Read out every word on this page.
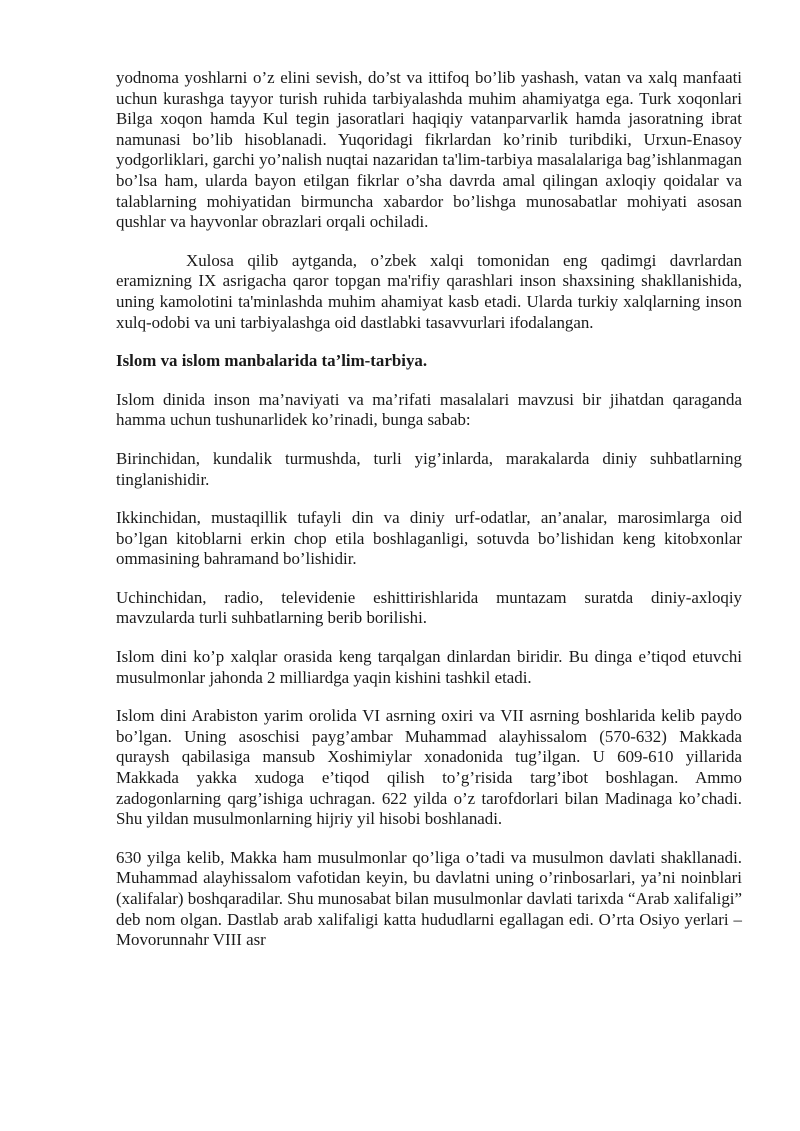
yodnoma yoshlarni o’z elini sevish, do’st va ittifoq bo’lib yashash, vatan va xalq manfaati uchun kurashga tayyor turish ruhida tarbiyalashda muhim ahamiyatga ega. Turk xoqonlari Bilga xoqon hamda Kul tegin jasoratlari haqiqiy vatanparvarlik hamda jasoratning ibrat namunasi bo’lib hisoblanadi. Yuqoridagi fikrlardan ko’rinib turibdiki, Urxun-Enasoy yodgorliklari, garchi yo’nalish nuqtai nazaridan ta'lim-tarbiya masalalariga bag’ishlanmagan bo’lsa ham, ularda bayon etilgan fikrlar o’sha davrda amal qilingan axloqiy qoidalar va talablarning mohiyatidan birmuncha xabardor bo’lishga munosabatlar mohiyati asosan qushlar va hayvonlar obrazlari orqali ochiladi.

Xulosa qilib aytganda, o’zbek xalqi tomonidan eng qadimgi davrlardan eramizning IX asrigacha qaror topgan ma'rifiy qarashlari inson shaxsining shakllanishida, uning kamolotini ta'minlashda muhim ahamiyat kasb etadi. Ularda turkiy xalqlarning inson xulq-odobi va uni tarbiyalashga oid dastlabki tasavvurlari ifodalangan.

Islom va islom manbalarida ta’lim-tarbiya.

Islom dinida inson ma’naviyati va ma’rifati masalalari mavzusi bir jihatdan qaraganda hamma uchun tushunarlidek ko’rinadi, bunga sabab:

Birinchidan, kundalik turmushda, turli yig’inlarda, marakalarda diniy suhbatlarning tinglanishidir.

Ikkinchidan, mustaqillik tufayli din va diniy urf-odatlar, an’analar, marosimlarga oid bo’lgan kitoblarni erkin chop etila boshlaganligi, sotuvda bo’lishidan keng kitobxonlar ommasining bahramand bo’lishidir.

Uchinchidan, radio, televidenie eshittirishlarida muntazam suratda diniy-axloqiy mavzularda turli suhbatlarning berib borilishi.

Islom dini ko’p xalqlar orasida keng tarqalgan dinlardan biridir. Bu dinga e’tiqod etuvchi musulmonlar jahonda 2 milliardga yaqin kishini tashkil etadi.

Islom dini Arabiston yarim orolida VI asrning oxiri va VII asrning boshlarida kelib paydo bo’lgan. Uning asoschisi payg’ambar Muhammad alayhissalom (570-632) Makkada quraysh qabilasiga mansub Xoshimiylar xonadonida tug’ilgan. U 609-610 yillarida Makkada yakka xudoga e’tiqod qilish to’g’risida targ’ibot boshlagan. Ammo zadogonlarning qarg’ishiga uchragan. 622 yilda o’z tarofdorlari bilan Madinaga ko’chadi. Shu yildan musulmonlarning hijriy yil hisobi boshlanadi.

630 yilga kelib, Makka ham musulmonlar qo’liga o’tadi va musulmon davlati shakllanadi. Muhammad alayhissalom vafotidan keyin, bu davlatni uning o’rinbosarlari, ya’ni noinblari (xalifalar) boshqaradilar. Shu munosabat bilan musulmonlar davlati tarixda “Arab xalifaligi” deb nom olgan. Dastlab arab xalifaligi katta hududlarni egallagan edi. O’rta Osiyo yerlari –Movorunnahr VIII asr
